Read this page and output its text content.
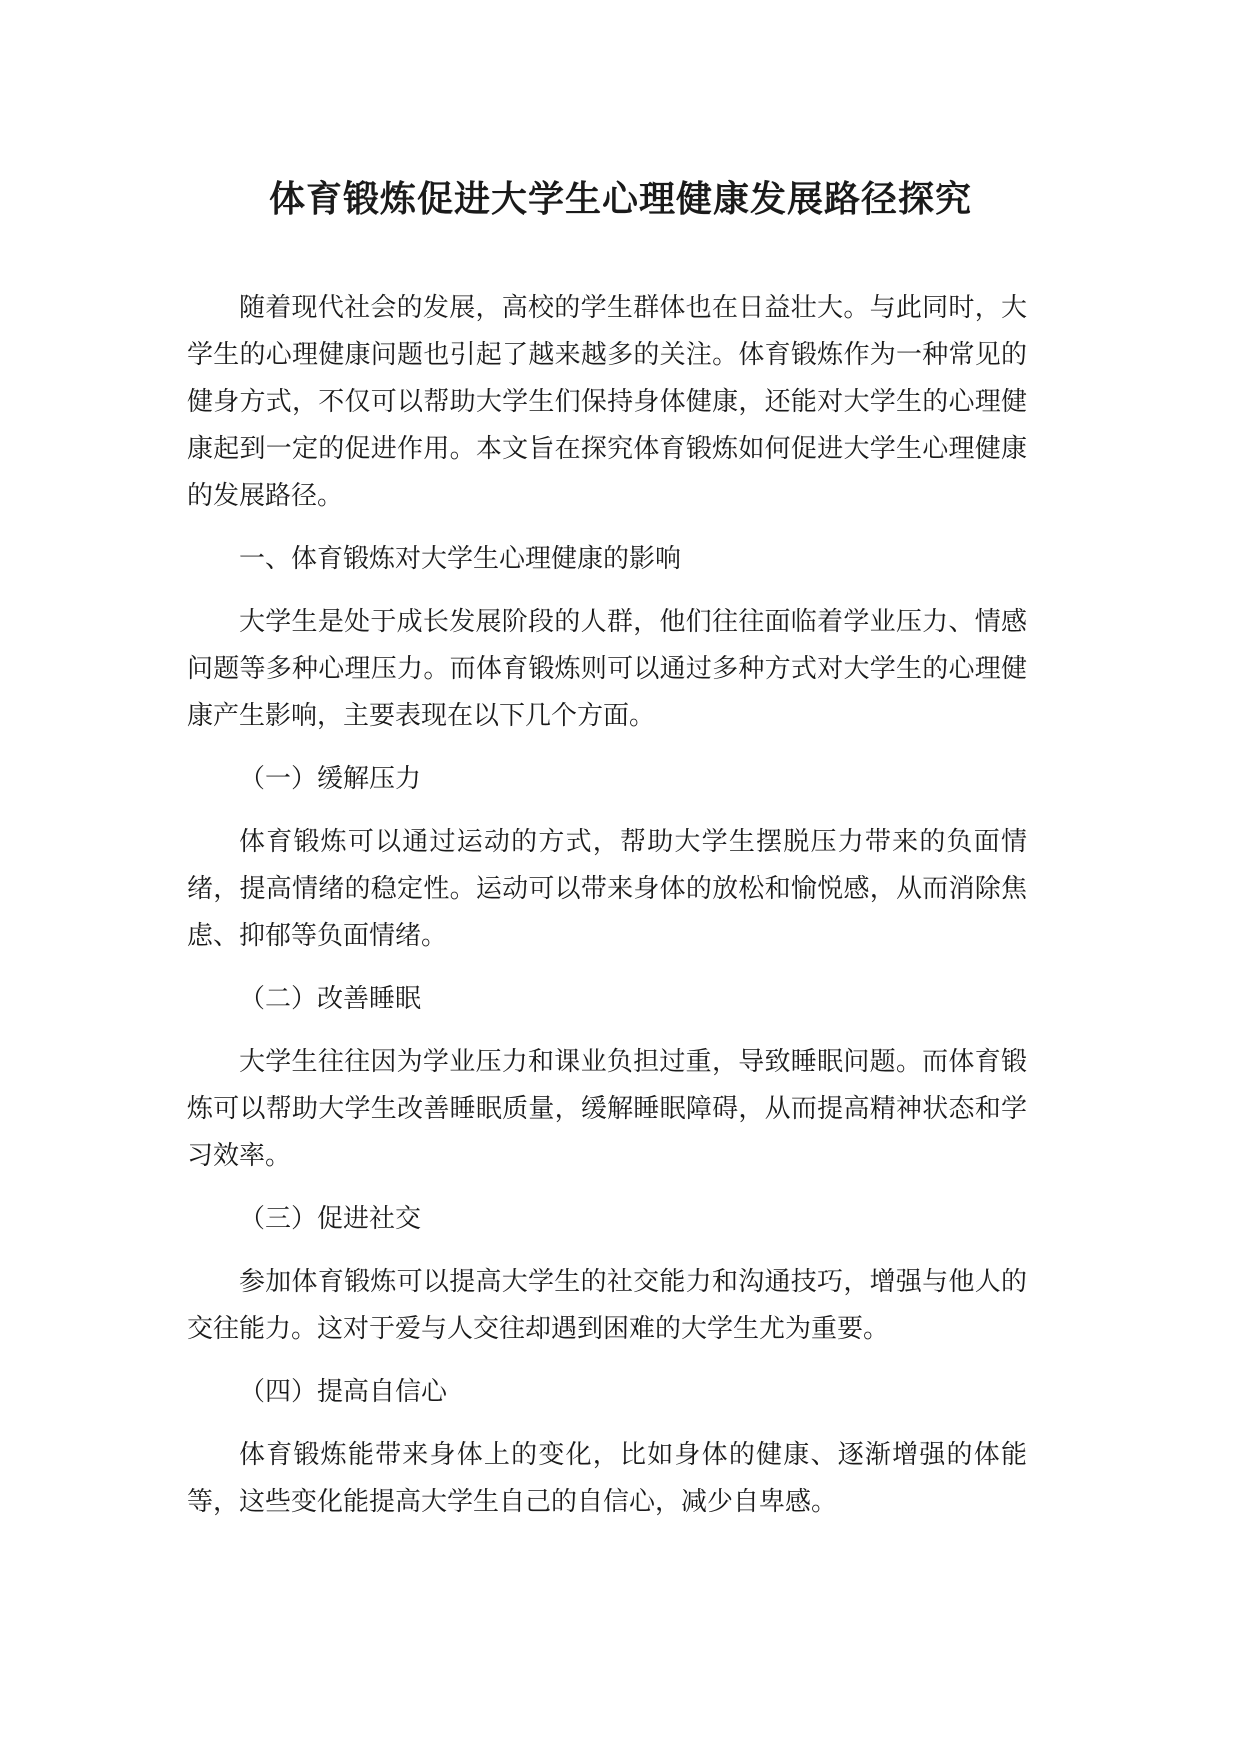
体育锻炼促进大学生心理健康发展路径探究

随着现代社会的发展，高校的学生群体也在日益壮大。与此同时，大学生的心理健康问题也引起了越来越多的关注。体育锻炼作为一种常见的健身方式，不仅可以帮助大学生们保持身体健康，还能对大学生的心理健康起到一定的促进作用。本文旨在探究体育锻炼如何促进大学生心理健康的发展路径。

一、体育锻炼对大学生心理健康的影响

大学生是处于成长发展阶段的人群，他们往往面临着学业压力、情感问题等多种心理压力。而体育锻炼则可以通过多种方式对大学生的心理健康产生影响，主要表现在以下几个方面。

（一）缓解压力

体育锻炼可以通过运动的方式，帮助大学生摆脱压力带来的负面情绪，提高情绪的稳定性。运动可以带来身体的放松和愉悦感，从而消除焦虑、抑郁等负面情绪。

（二）改善睡眠

大学生往往因为学业压力和课业负担过重，导致睡眠问题。而体育锻炼可以帮助大学生改善睡眠质量，缓解睡眠障碍，从而提高精神状态和学习效率。

（三）促进社交

参加体育锻炼可以提高大学生的社交能力和沟通技巧，增强与他人的交往能力。这对于爱与人交往却遇到困难的大学生尤为重要。

（四）提高自信心

体育锻炼能带来身体上的变化，比如身体的健康、逐渐增强的体能等，这些变化能提高大学生自己的自信心，减少自卑感。
